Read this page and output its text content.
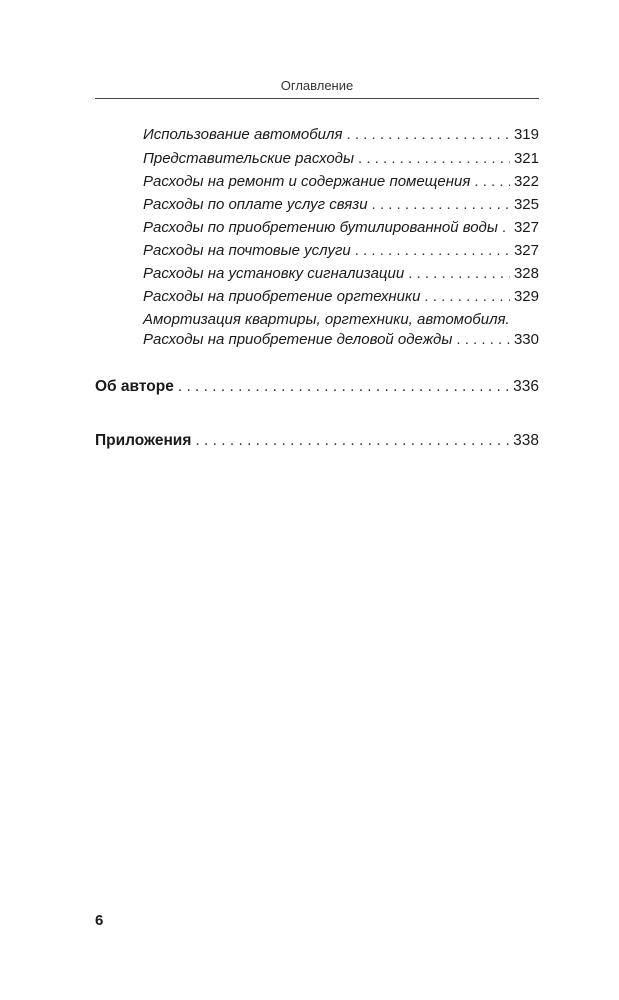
Оглавление
Использование автомобиля . . .	319
Представительские расходы . . .	321
Расходы на ремонт и содержание помещения . . .	322
Расходы по оплате услуг связи . . .	325
Расходы по приобретению бутилированной воды . . . 327
Расходы на почтовые услуги . . .	327
Расходы на установку сигнализации . . .	328
Расходы на приобретение оргтехники . . .	329
Амортизация квартиры, оргтехники, автомобиля.
Расходы на приобретение деловой одежды . . .	330
Об авторе . . .	336
Приложения . . .	338
6
